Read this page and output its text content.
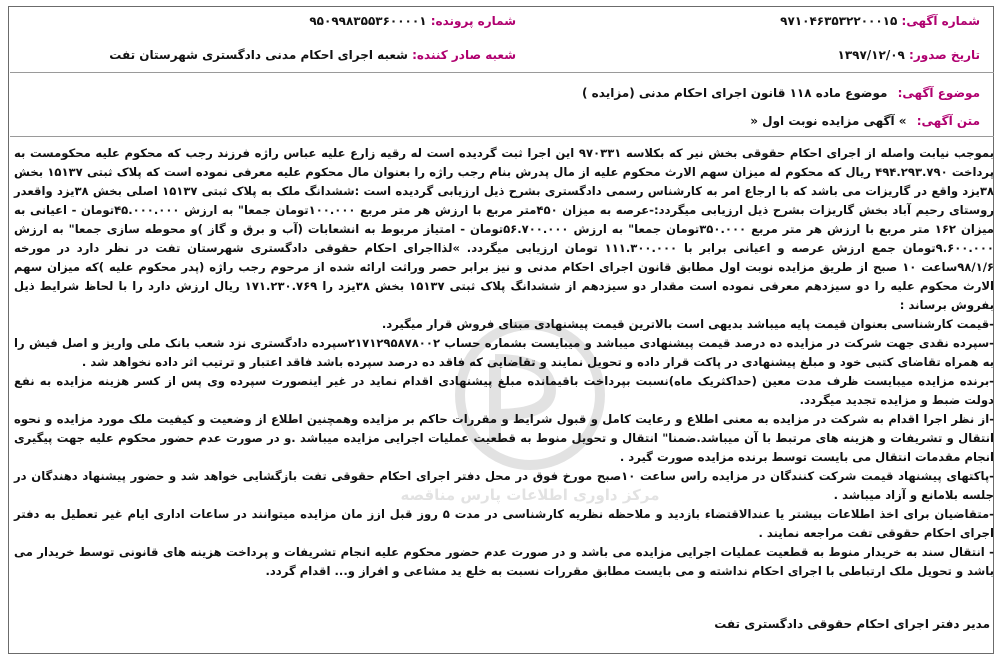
شماره آگهی: ۹۷۱۰۴۶۳۵۳۲۲۰۰۰۱۵
شماره پرونده: ۹۵۰۹۹۸۳۵۵۳۶۰۰۰۰۱
تاریخ صدور: ۱۳۹۷/۱۲/۰۹
شعبه صادر کننده: شعبه اجرای احکام مدنی دادگستری شهرستان تفت
موضوع آگهی: موضوع ماده ۱۱۸ قانون اجرای احکام مدنی (مزایده )
متن آگهی: » آگهی مزایده نوبت اول «
مرکز داوری اطلاعات پارس مناقصه

بموجب نیابت واصله از اجرای احکام حقوقی بخش نیر که بکلاسه ۹۷۰۳۳۱ این اجرا ثبت گردیده است له رقیه زارع علیه عباس راژه فرزند رجب که محکوم علیه محکومست به پرداخت ۴۹۴.۲۹۳.۷۹۰ ریال که محکوم له میزان سهم الارث محکوم علیه از مال پدرش بنام رجب راژه را بعنوان مال محکوم علیه معرفی نموده است که پلاک ثبتی ۱۵۱۳۷ بخش ۳۸یزد واقع در گاریزات می باشد که با ارجاع امر به کارشناس رسمی دادگستری بشرح ذیل ارزیابی گردیده است :ششدانگ ملک به پلاک ثبتی ۱۵۱۳۷ اصلی بخش ۳۸یزد واقعدر روستای رحیم آباد بخش گاریزات بشرح ذیل ارزیابی میگردد:-عرصه به میزان ۴۵۰متر مربع با ارزش هر متر مربع ۱۰۰.۰۰۰تومان جمعا" به ارزش ۴۵.۰۰۰.۰۰۰تومان - اعیانی به میزان ۱۶۲ متر مربع با ارزش هر متر مربع ۳۵۰.۰۰۰تومان جمعا" به ارزش ۵۶.۷۰۰.۰۰۰تومان - امتیاز مربوط به انشعابات (آب و برق و گاز )و محوطه سازی جمعا" به ارزش ۹.۶۰۰.۰۰۰تومان جمع ارزش عرصه و اعیانی برابر با ۱۱۱.۳۰۰.۰۰۰ تومان ارزیابی میگردد. »لذااجرای احکام حقوقی دادگستری شهرستان تفت در نظر دارد در مورخه ۹۸/۱/۶ساعت ۱۰ صبح از طریق مزایده نوبت اول مطابق قانون اجرای احکام مدنی و نیز برابر حصر وراثت ارائه شده از مرحوم رجب راژه (پدر محکوم علیه )که میزان سهم الارث محکوم علیه را دو سیزدهم معرفی نموده است مقدار دو سیزدهم از ششدانگ پلاک ثبتی ۱۵۱۳۷ بخش ۳۸یزد را ۱۷۱.۲۳۰.۷۶۹ ریال ارزش دارد را با لحاظ شرایط ذیل بفروش برساند :

-قیمت کارشناسی بعنوان قیمت پایه میباشد بدیهی است بالاترین قیمت پیشنهادی مبنای فروش قرار میگیرد.

-سپرده نقدی جهت شرکت در مزایده ده درصد قیمت پیشنهادی میباشد و میبایست بشماره حساب ۲۱۷۱۲۹۵۸۷۸۰۰۲سپرده دادگستری نزد شعب بانک ملی واریز و اصل فیش را به همراه تقاضای کتبی خود و مبلغ پیشنهادی در پاکت قرار داده و تحویل نمایند و تقاضایی که فاقد ده درصد سپرده باشد فاقد اعتبار و ترتیب اثر داده نخواهد شد .

-برنده مزایده میبایست ظرف مدت معین (حداکثریک ماه)نسبت بپرداخت باقیمانده مبلغ پیشنهادی اقدام نماید در غیر اینصورت سپرده وی پس از کسر هزینه مزایده به نفع دولت ضبط و مزایده تجدید میگردد.

-از نظر اجرا اقدام به شرکت در مزایده به معنی اطلاع و رعایت کامل و قبول شرایط و مقررات حاکم بر مزایده وهمچنین اطلاع از وضعیت و کیفیت ملک مورد مزایده و نحوه انتقال و تشریفات و هزینه های مرتبط با آن میباشد.ضمنا" انتقال و تحویل منوط به قطعیت عملیات اجرایی مزایده میباشد .و در صورت عدم حضور محکوم علیه جهت پیگیری انجام مقدمات انتقال می بایست توسط برنده مزایده صورت گیرد .

-پاکتهای پیشنهاد قیمت شرکت کنندگان در مزایده راس ساعت ۱۰صبح مورخ فوق در محل دفتر اجرای احکام حقوقی تفت بازگشایی خواهد شد و حضور پیشنهاد دهندگان در جلسه بلامانع و آزاد میباشد .

-متقاضیان برای اخذ اطلاعات بیشتر یا عندالاقتضاء بازدید و ملاحظه نظریه کارشناسی در مدت ۵ روز قبل ازز مان مزایده میتوانند در ساعات اداری ایام غیر تعطیل به دفتر اجرای احکام حقوقی تفت مراجعه نمایند .

- انتقال سند به خریدار منوط به قطعیت عملیات اجرایی مزایده می باشد و در صورت عدم حضور محکوم علیه انجام تشریفات و پرداخت هزینه های قانونی توسط خریدار می باشد و تحویل ملک ارتباطی با اجرای احکام نداشته و می بایست مطابق مقررات نسبت به خلع ید مشاعی و افراز و... اقدام گردد.

مدیر دفتر اجرای احکام حقوقی دادگستری تفت
